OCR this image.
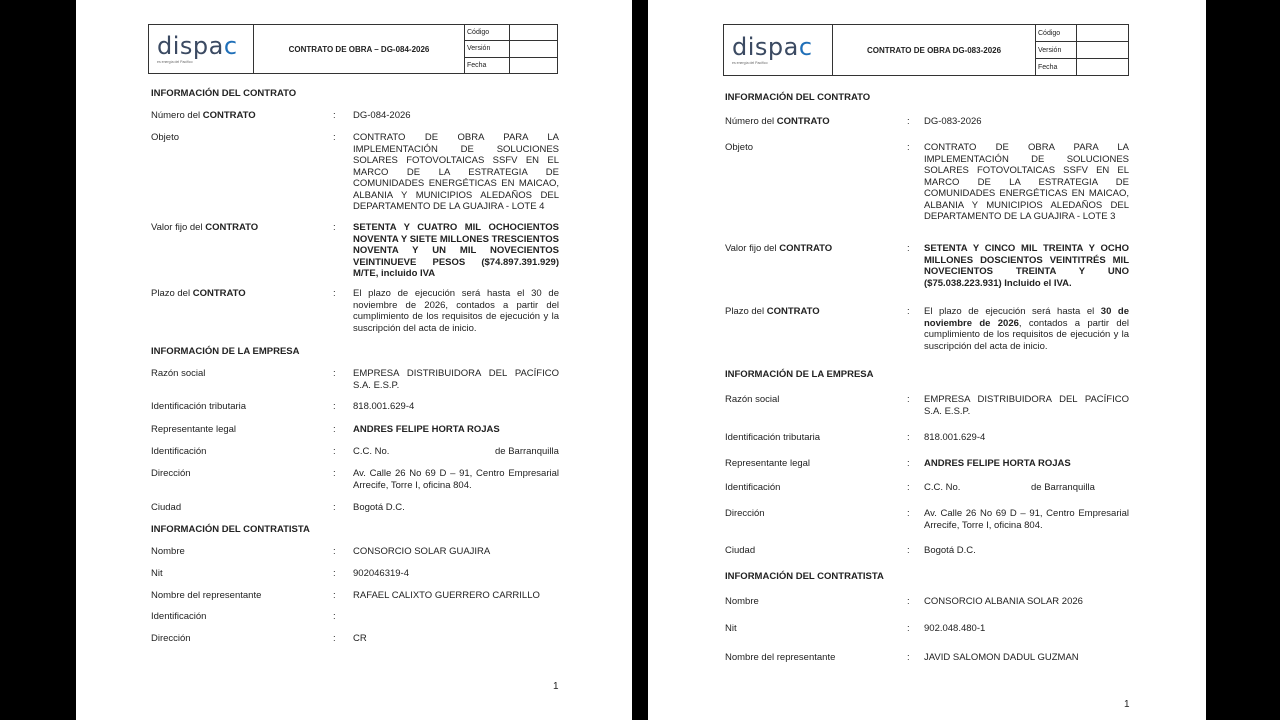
dispac
es energía del Pacífico
CONTRATO DE OBRA – DG-084-2026
Código
Versión
Fecha
INFORMACIÓN DEL CONTRATO
Número del CONTRATO	: DG-084-2026
Objeto	: CONTRATO DE OBRA PARA LA IMPLEMENTACIÓN DE SOLUCIONES SOLARES FOTOVOLTAICAS SSFV EN EL MARCO DE LA ESTRATEGIA DE COMUNIDADES ENERGÉTICAS EN MAICAO, ALBANIA Y MUNICIPIOS ALEDAÑOS DEL DEPARTAMENTO DE LA GUAJIRA - LOTE 4
Valor fijo del CONTRATO	: SETENTA Y CUATRO MIL OCHOCIENTOS NOVENTA Y SIETE MILLONES TRESCIENTOS NOVENTA Y UN MIL NOVECIENTOS VEINTINUEVE PESOS ($74.897.391.929) M/TE, incluido IVA
Plazo del CONTRATO	: El plazo de ejecución será hasta el 30 de noviembre de 2026, contados a partir del cumplimiento de los requisitos de ejecución y la suscripción del acta de inicio.
INFORMACIÓN DE LA EMPRESA
Razón social	: EMPRESA DISTRIBUIDORA DEL PACÍFICO S.A. E.S.P.
Identificación tributaria	: 818.001.629-4
Representante legal	: ANDRES FELIPE HORTA ROJAS
Identificación	: C.C. No.	de Barranquilla
Dirección	: Av. Calle 26 No 69 D – 91, Centro Empresarial Arrecife, Torre I, oficina 804.
Ciudad	: Bogotá D.C.
INFORMACIÓN DEL CONTRATISTA
Nombre	: CONSORCIO SOLAR GUAJIRA
Nit	: 902046319-4
Nombre del representante	: RAFAEL CALIXTO GUERRERO CARRILLO
Identificación	:
Dirección	: CR
1
dispac
es energía del Pacífico
CONTRATO DE OBRA DG-083-2026
Código
Versión
Fecha
INFORMACIÓN DEL CONTRATO
Número del CONTRATO	: DG-083-2026
Objeto	: CONTRATO DE OBRA PARA LA IMPLEMENTACIÓN DE SOLUCIONES SOLARES FOTOVOLTAICAS SSFV EN EL MARCO DE LA ESTRATEGIA DE COMUNIDADES ENERGÉTICAS EN MAICAO, ALBANIA Y MUNICIPIOS ALEDAÑOS DEL DEPARTAMENTO DE LA GUAJIRA - LOTE 3
Valor fijo del CONTRATO	: SETENTA Y CINCO MIL TREINTA Y OCHO MILLONES DOSCIENTOS VEINTITRÉS MIL NOVECIENTOS TREINTA Y UNO ($75.038.223.931) Incluido el IVA.
Plazo del CONTRATO	: El plazo de ejecución será hasta el 30 de noviembre de 2026, contados a partir del cumplimiento de los requisitos de ejecución y la suscripción del acta de inicio.
INFORMACIÓN DE LA EMPRESA
Razón social	: EMPRESA DISTRIBUIDORA DEL PACÍFICO S.A. E.S.P.
Identificación tributaria	: 818.001.629-4
Representante legal	: ANDRES FELIPE HORTA ROJAS
Identificación	: C.C. No.	de Barranquilla
Dirección	: Av. Calle 26 No 69 D – 91, Centro Empresarial Arrecife, Torre I, oficina 804.
Ciudad	: Bogotá D.C.
INFORMACIÓN DEL CONTRATISTA
Nombre	: CONSORCIO ALBANIA SOLAR 2026
Nit	: 902.048.480-1
Nombre del representante	: JAVID SALOMON DADUL GUZMAN
1
